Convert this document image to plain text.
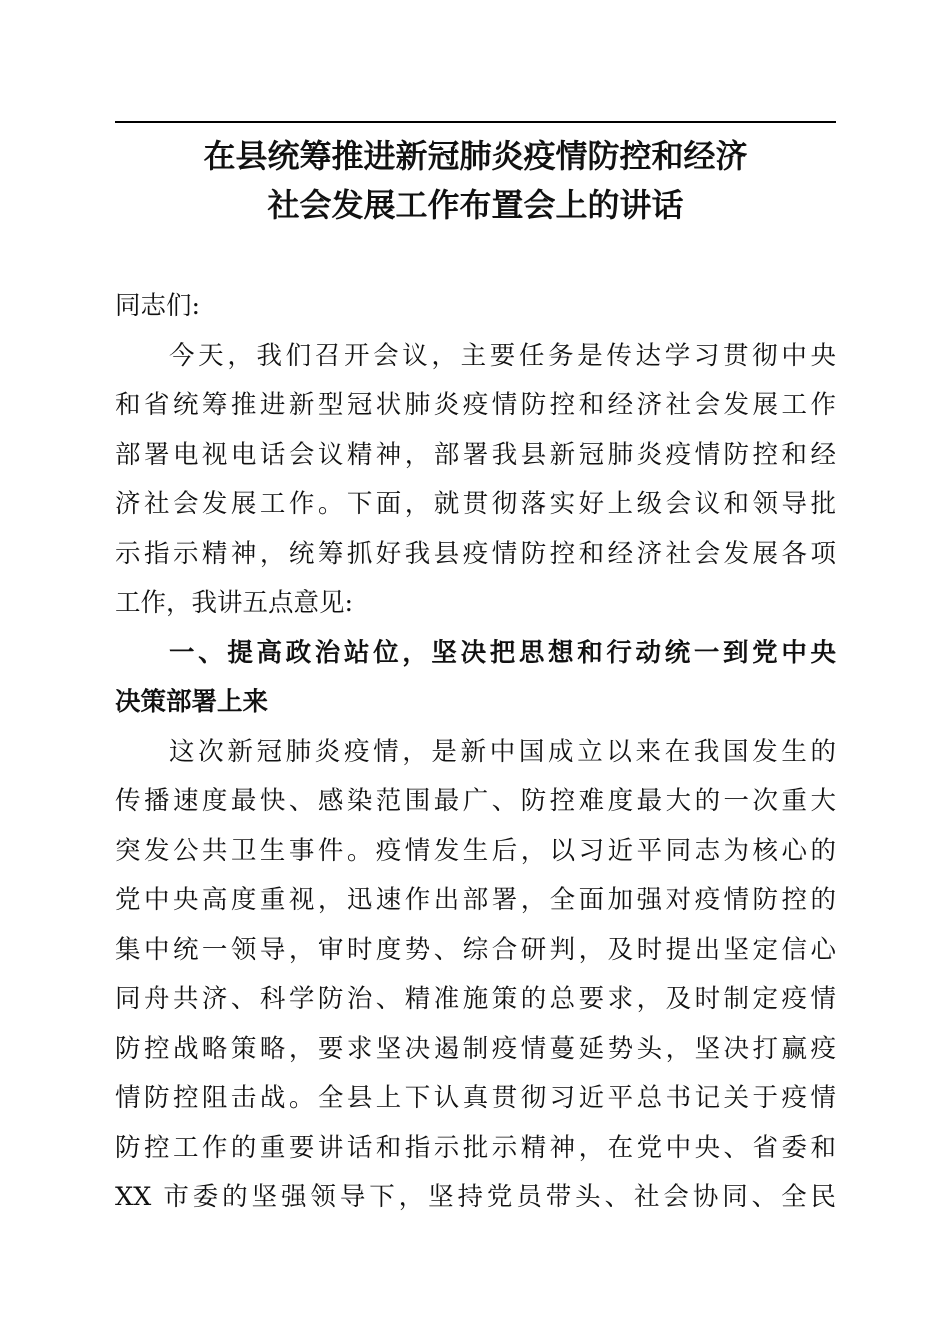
在县统筹推进新冠肺炎疫情防控和经济
社会发展工作布置会上的讲话
同志们:
今天，我们召开会议，主要任务是传达学习贯彻中央
和省统筹推进新型冠状肺炎疫情防控和经济社会发展工作
部署电视电话会议精神，部署我县新冠肺炎疫情防控和经
济社会发展工作。下面，就贯彻落实好上级会议和领导批
示指示精神，统筹抓好我县疫情防控和经济社会发展各项
工作，我讲五点意见:
一、提高政治站位，坚决把思想和行动统一到党中央
决策部署上来
这次新冠肺炎疫情，是新中国成立以来在我国发生的
传播速度最快、感染范围最广、防控难度最大的一次重大
突发公共卫生事件。疫情发生后，以习近平同志为核心的
党中央高度重视，迅速作出部署，全面加强对疫情防控的
集中统一领导，审时度势、综合研判，及时提出坚定信心
同舟共济、科学防治、精准施策的总要求，及时制定疫情
防控战略策略，要求坚决遏制疫情蔓延势头，坚决打赢疫
情防控阻击战。全县上下认真贯彻习近平总书记关于疫情
防控工作的重要讲话和指示批示精神，在党中央、省委和
XX 市委的坚强领导下，坚持党员带头、社会协同、全民
